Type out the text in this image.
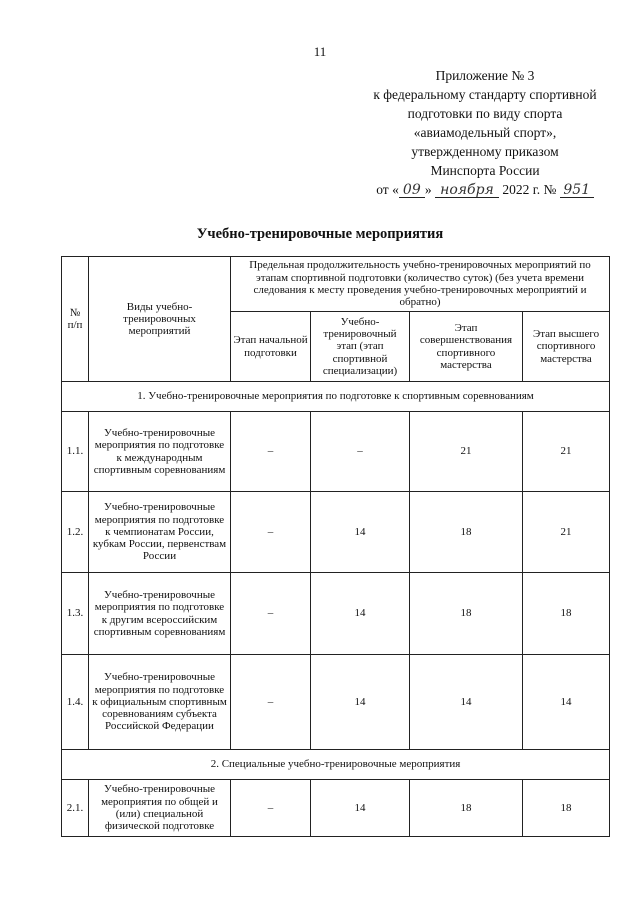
11
Приложение № 3
к федеральному стандарту спортивной
подготовки по виду спорта
«авиамодельный спорт»,
утвержденному приказом
Минспорта России
от « 09 » ноября 2022 г. № 951
Учебно-тренировочные мероприятия
№ п/п	Виды учебно-тренировочных мероприятий	Предельная продолжительность учебно-тренировочных мероприятий по этапам спортивной подготовки (количество суток) (без учета времени следования к месту проведения учебно-тренировочных мероприятий и обратно)			
		Этап начальной подготовки	Учебно-тренировочный этап (этап спортивной специализации)	Этап совершенствования спортивного мастерства	Этап высшего спортивного мастерства
1. Учебно-тренировочные мероприятия по подготовке к спортивным соревнованиям					
1.1.	Учебно-тренировочные мероприятия по подготовке к международным спортивным соревнованиям	–	–	21	21
1.2.	Учебно-тренировочные мероприятия по подготовке к чемпионатам России, кубкам России, первенствам России	–	14	18	21
1.3.	Учебно-тренировочные мероприятия по подготовке к другим всероссийским спортивным соревнованиям	–	14	18	18
1.4.	Учебно-тренировочные мероприятия по подготовке к официальным спортивным соревнованиям субъекта Российской Федерации	–	14	14	14
2. Специальные учебно-тренировочные мероприятия					
2.1.	Учебно-тренировочные мероприятия по общей и (или) специальной физической подготовке	–	14	18	18
